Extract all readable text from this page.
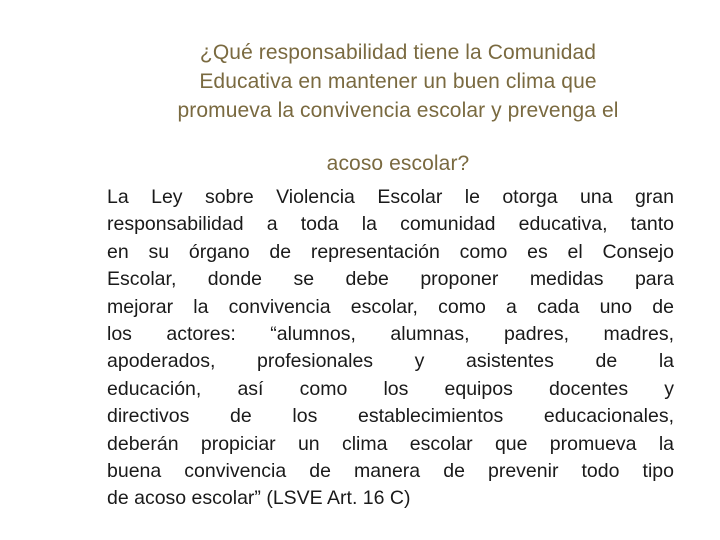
¿Qué responsabilidad tiene la Comunidad
Educativa en mantener un buen clima que
promueva la convivencia escolar y prevenga el
acoso escolar?
La Ley sobre Violencia Escolar le otorga una gran
responsabilidad a toda la comunidad educativa, tanto
en su órgano de representación como es el Consejo
Escolar, donde se debe proponer medidas para
mejorar la convivencia escolar, como a cada uno de
los actores: “alumnos, alumnas, padres, madres,
apoderados, profesionales y asistentes de la
educación, así como los equipos docentes y
directivos de los establecimientos educacionales,
deberán propiciar un clima escolar que promueva la
buena convivencia de manera de prevenir todo tipo
de acoso escolar” (LSVE Art. 16 C)
